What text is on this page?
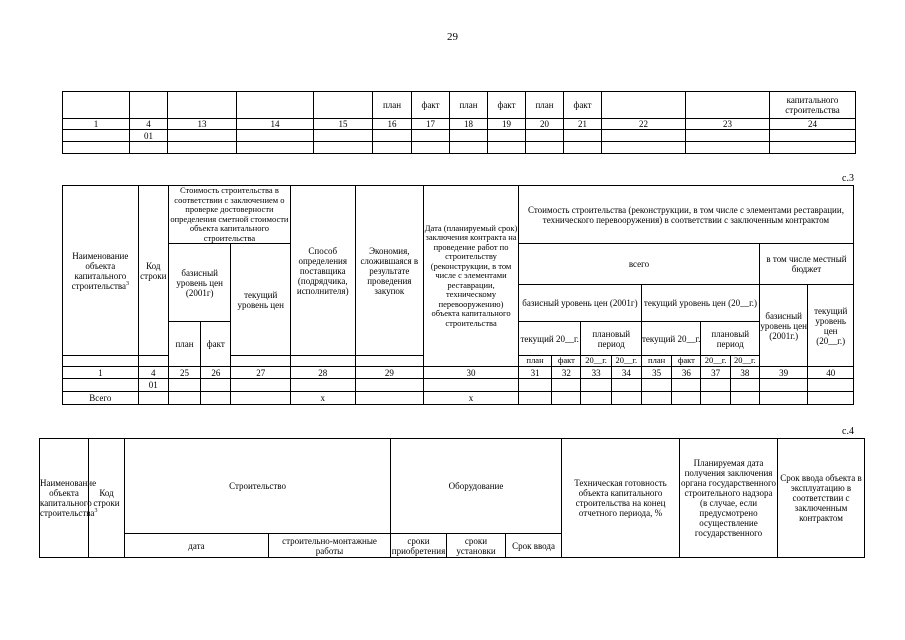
29
					план	факт	план	факт	план	факт			капитального строительства
1	4	13	14	15	16	17	18	19	20	21	22	23	24
	01												

с.3
Наименование объекта капитального строительства$^3$	Код строки	Стоимость строительства в соответствии с заключением о проверке достоверности определения сметной стоимости объекта капитального строительства			Способ определения поставщика (подрядчика, исполнителя)	Экономия, сложившаяся в результате проведения закупок	Дата (планируемый срок) заключения контракта на проведение работ по строительству (реконструкции, в том числе с элементами реставрации, техническому перевооружению) объекта капитального строительства	Стоимость строительства (реконструкции, в том числе с элементами реставрации, технического перевооружения) в соответствии с заключенным контрактом									
		базисный уровень цен (2001г)		текущий уровень цен				всего								в том числе местный бюджет	
								базисный уровень цен (2001г)				текущий уровень цен (20__г.)				базисный уровень цен (2001г.)	текущий уровень цен (20__г.)
		план	факт					текущий 20__г.		плановый период		текущий 20__г.		плановый период			
								план	факт	20__г.	20__г.	план	факт	20__г.	20__г.		
1	4	25	26	27	28	29	30	31	32	33	34	35	36	37	38	39	40
	01																
Всего					x		x										
с.4
Наименование объекта капитального строительства$^3$	Код строки	Строительство		Оборудование			Техническая готовность объекта капитального строительства на конец отчетного периода, %	Планируемая дата получения заключения органа государственного строительного надзора (в случае, если предусмотрено осуществление государственного	Срок ввода объекта в эксплуатацию в соответствии с заключенным контрактом
		дата	строительно-монтажные работы	сроки приобретения	сроки установки	Срок ввода			
